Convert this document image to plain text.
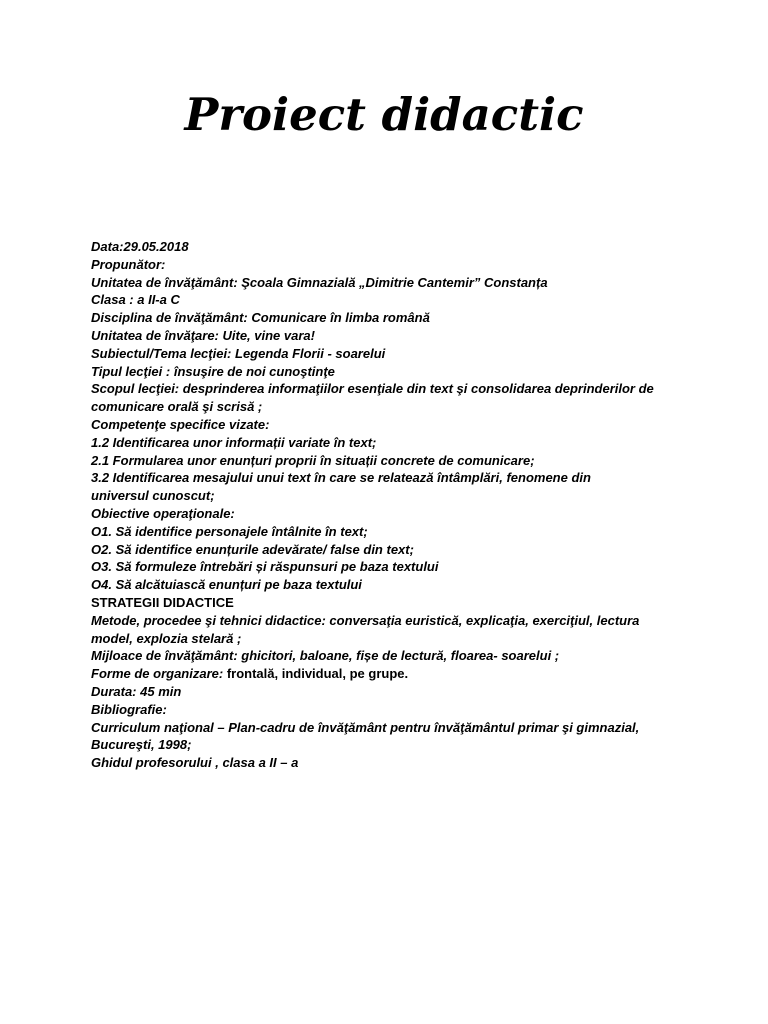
Proiect didactic
Data:29.05.2018
Propunător:
Unitatea de învăţământ: Şcoala Gimnazială „Dimitrie Cantemir” Constanța
Clasa : a II-a C
Disciplina de învăţământ: Comunicare în limba română
Unitatea de învăţare: Uite, vine vara!
Subiectul/Tema lecţiei: Legenda Florii - soarelui
Tipul lecţiei : însuşire de noi cunoştinţe
Scopul lecţiei: desprinderea informaţiilor esenţiale din text şi consolidarea deprinderilor de
comunicare orală şi scrisă ;
Competenţe specifice vizate:
1.2 Identificarea unor informații variate în text;
2.1 Formularea unor enunțuri proprii în situații concrete de comunicare;
3.2 Identificarea mesajului unui text în care se relatează întâmplări, fenomene din
universul cunoscut;
Obiective operaţionale:
O1. Să identifice personajele întâlnite în text;
O2. Să identifice enunțurile adevărate/ false din text;
O3. Să formuleze întrebări și răspunsuri pe baza textului
O4. Să alcătuiască enunțuri pe baza textului
STRATEGII DIDACTICE
Metode, procedee şi tehnici didactice: conversaţia euristică, explicaţia, exerciţiul, lectura
model, explozia stelară ;
Mijloace de învăţământ: ghicitori, baloane, fișe de lectură, floarea- soarelui ;
Forme de organizare: frontală, individual, pe grupe.
Durata: 45 min
Bibliografie:
Curriculum naţional – Plan-cadru de învăţământ pentru învăţământul primar şi gimnazial,
Bucureşti, 1998;
Ghidul profesorului , clasa a II – a
